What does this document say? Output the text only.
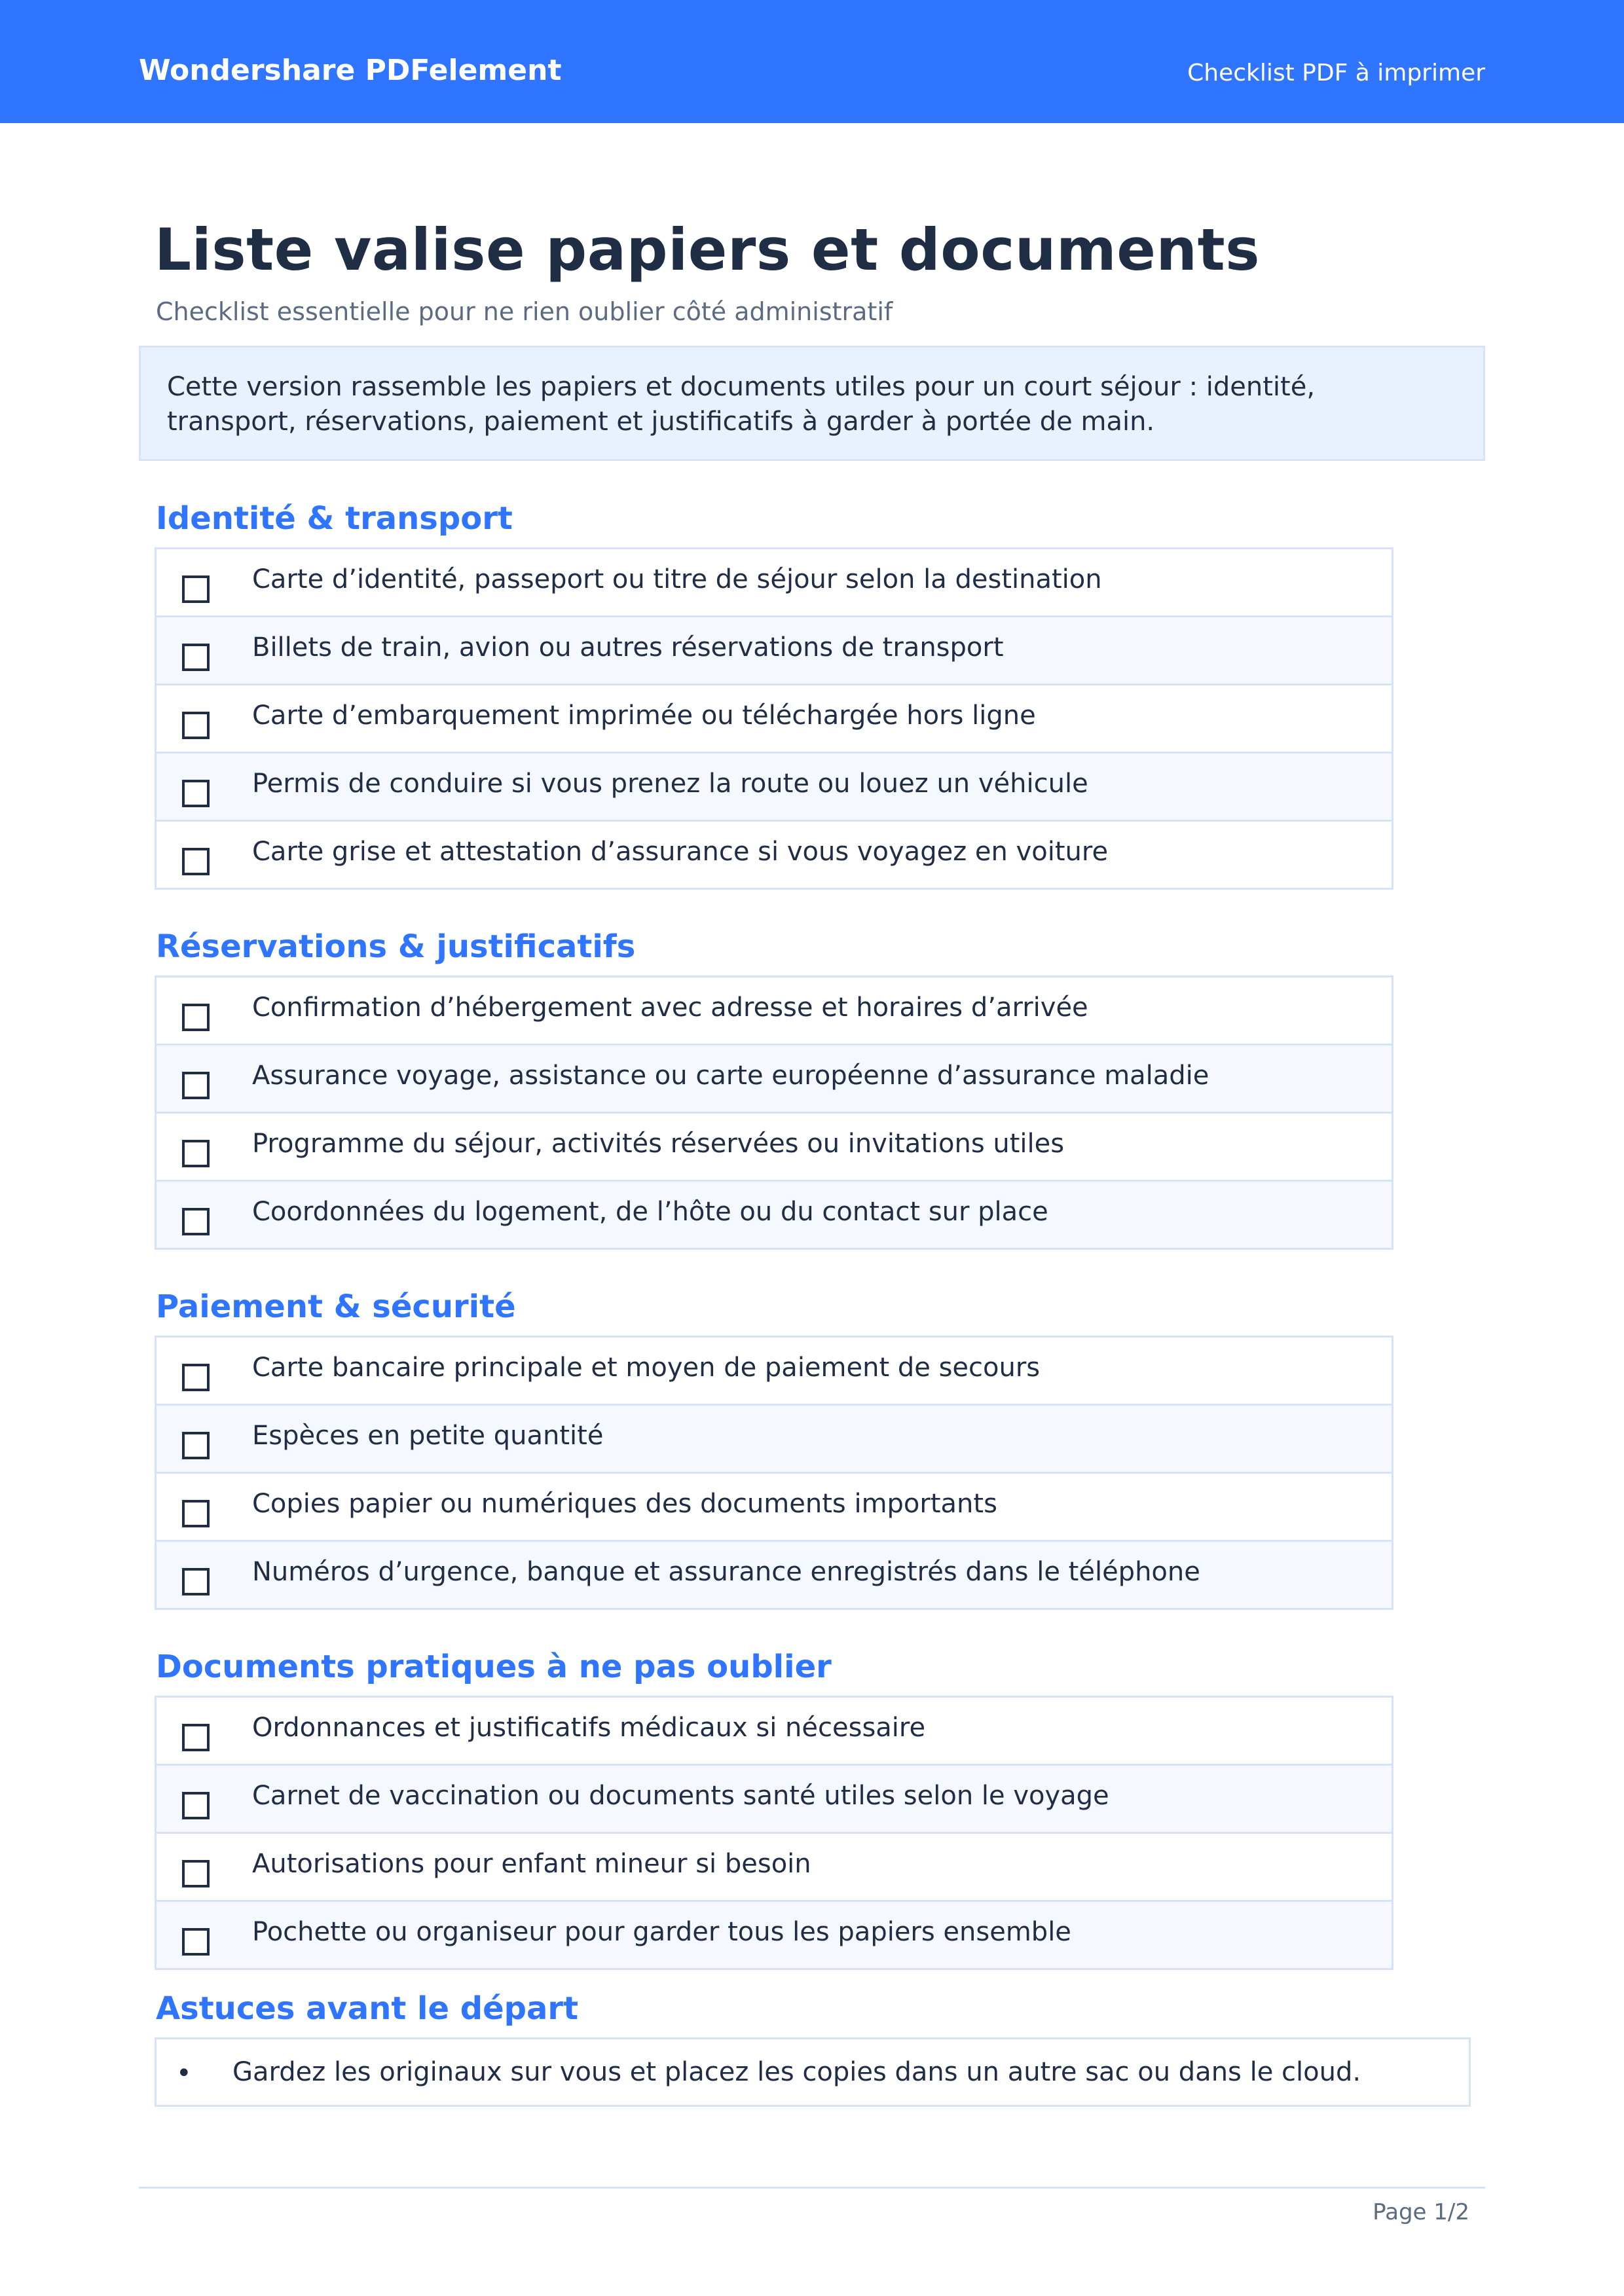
Wondershare PDFelement	Checklist PDF à imprimer
Liste valise papiers et documents
Checklist essentielle pour ne rien oublier côté administratif
Cette version rassemble les papiers et documents utiles pour un court séjour : identité,
transport, réservations, paiement et justificatifs à garder à portée de main.
Identité & transport
Carte d’identité, passeport ou titre de séjour selon la destination
Billets de train, avion ou autres réservations de transport
Carte d’embarquement imprimée ou téléchargée hors ligne
Permis de conduire si vous prenez la route ou louez un véhicule
Carte grise et attestation d’assurance si vous voyagez en voiture
Réservations & justificatifs
Confirmation d’hébergement avec adresse et horaires d’arrivée
Assurance voyage, assistance ou carte européenne d’assurance maladie
Programme du séjour, activités réservées ou invitations utiles
Coordonnées du logement, de l’hôte ou du contact sur place
Paiement & sécurité
Carte bancaire principale et moyen de paiement de secours
Espèces en petite quantité
Copies papier ou numériques des documents importants
Numéros d’urgence, banque et assurance enregistrés dans le téléphone
Documents pratiques à ne pas oublier
Ordonnances et justificatifs médicaux si nécessaire
Carnet de vaccination ou documents santé utiles selon le voyage
Autorisations pour enfant mineur si besoin
Pochette ou organiseur pour garder tous les papiers ensemble
Astuces avant le départ
• Gardez les originaux sur vous et placez les copies dans un autre sac ou dans le cloud.
Page 1/2
